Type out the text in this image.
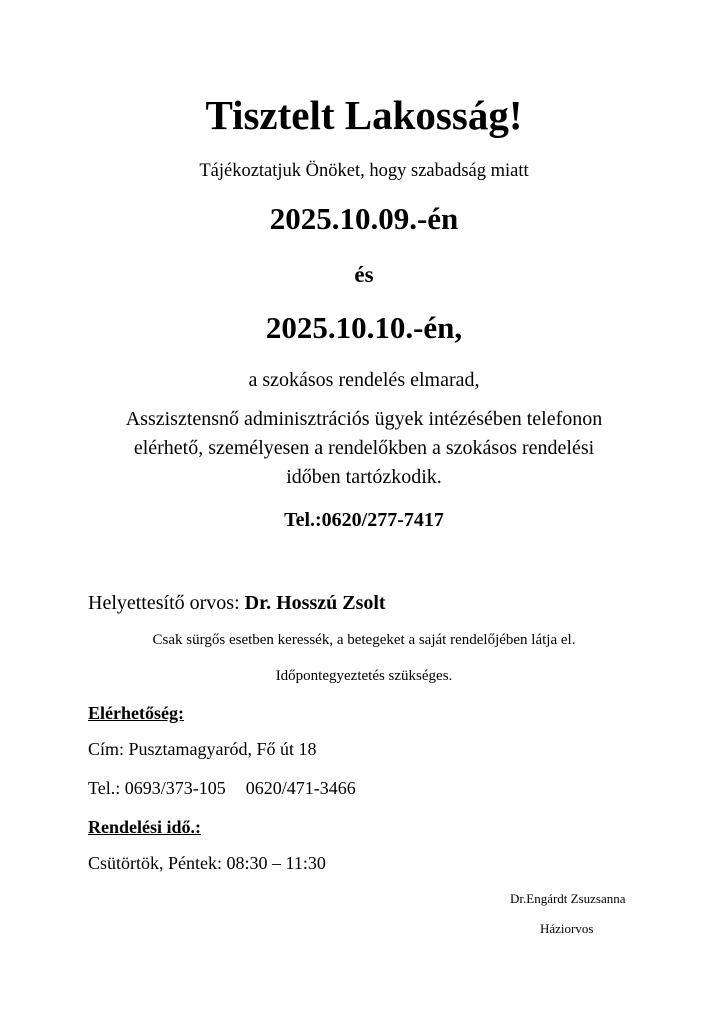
Tisztelt Lakosság!
Tájékoztatjuk Önöket, hogy szabadság miatt
2025.10.09.-én
és
2025.10.10.-én,
a szokásos rendelés elmarad,
Asszisztensnő adminisztrációs ügyek intézésében telefonon
elérhető, személyesen a rendelőkben a szokásos rendelési
időben tartózkodik.
Tel.:0620/277-7417
Helyettesítő orvos: Dr. Hosszú Zsolt
Csak sürgős esetben keressék, a betegeket a saját rendelőjében látja el.
Időpontegyeztetés szükséges.
Elérhetőség:
Cím: Pusztamagyaród, Fő út 18
Tel.: 0693/373-105 0620/471-3466
Rendelési idő.:
Csütörtök, Péntek: 08:30 – 11:30
Dr.Engárdt Zsuzsanna
Háziorvos
